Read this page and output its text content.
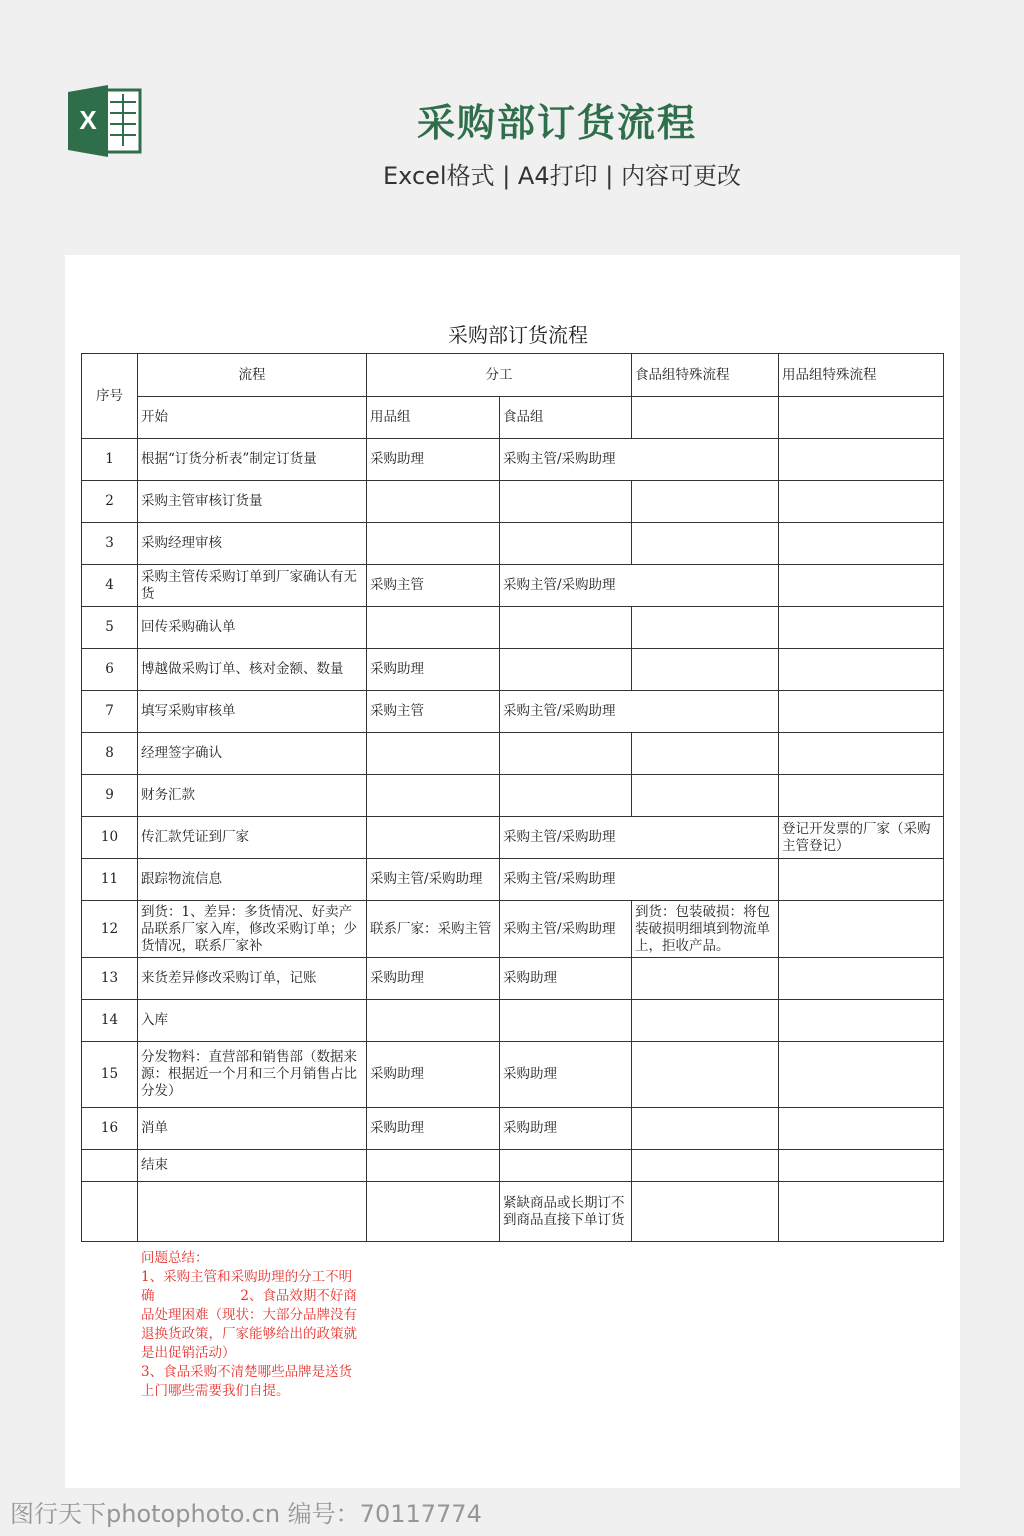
X	采购部订货流程
Excel格式 | A4打印 | 内容可更改
采购部订货流程
序号	流程	分工		食品组特殊流程	用品组特殊流程
	开始	用品组	食品组		
1	根据“订货分析表”制定订货量	采购助理	采购主管/采购助理		
2	采购主管审核订货量				
3	采购经理审核				
4	采购主管传采购订单到厂家确认有无货	采购主管	采购主管/采购助理		
5	回传采购确认单				
6	博越做采购订单、核对金额、数量	采购助理			
7	填写采购审核单	采购主管	采购主管/采购助理		
8	经理签字确认				
9	财务汇款				
10	传汇款凭证到厂家		采购主管/采购助理		登记开发票的厂家（采购主管登记）
11	跟踪物流信息	采购主管/采购助理	采购主管/采购助理		
12	到货：1、差异：多货情况、好卖产品联系厂家入库，修改采购订单；少货情况，联系厂家补	联系厂家：采购主管	采购主管/采购助理	到货：包装破损：将包装破损明细填到物流单上，拒收产品。	
13	来货差异修改采购订单，记账	采购助理	采购助理		
14	入库				
15	分发物料：直营部和销售部（数据来源：根据近一个月和三个月销售占比分发）	采购助理	采购助理		
16	消单	采购助理	采购助理		
	结束				
			紧缺商品或长期订不到商品直接下单订货		
问题总结：
1、采购主管和采购助理的分工不明确                    2、食品效期不好商品处理困难（现状：大部分品牌没有退换货政策，厂家能够给出的政策就是出促销活动）
3、食品采购不清楚哪些品牌是送货上门哪些需要我们自提。
图行天下photophoto.cn 编号：70117774
